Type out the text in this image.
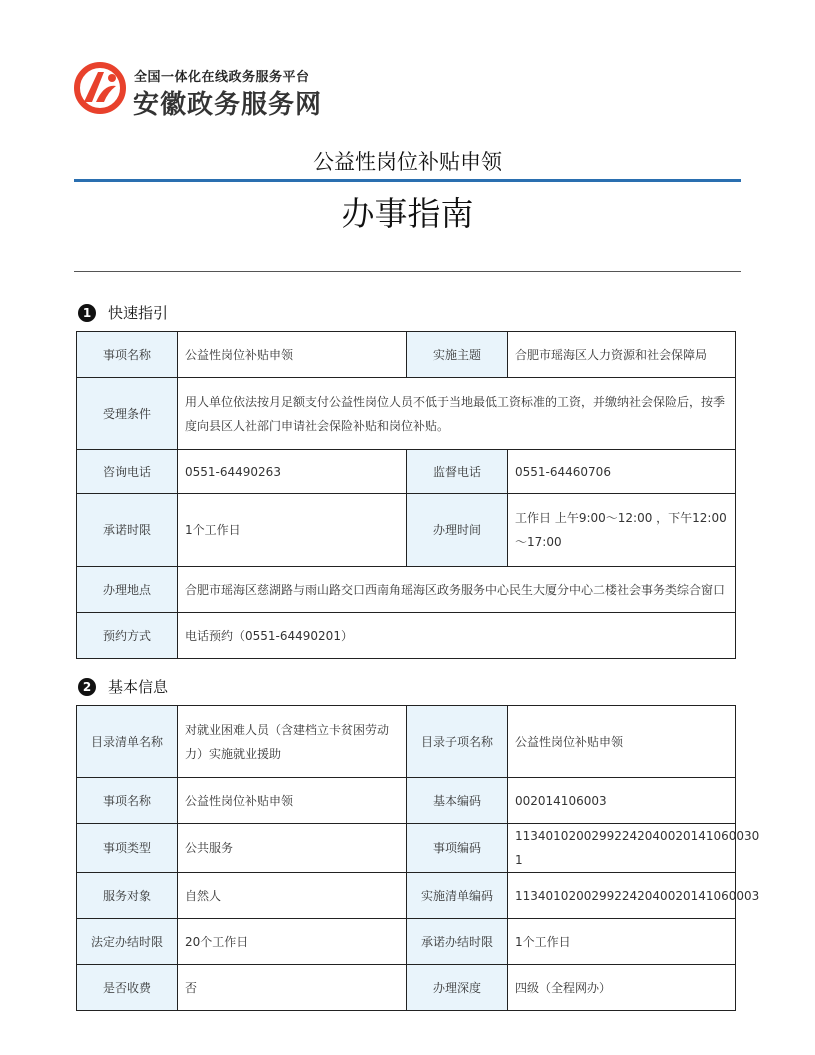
全国一体化在线政务服务平台
安徽政务服务网
公益性岗位补贴申领
办事指南
1	快速指引
事项名称	公益性岗位补贴申领	实施主题	合肥市瑶海区人力资源和社会保障局
受理条件	用人单位依法按月足额支付公益性岗位人员不低于当地最低工资标准的工资，并缴纳社会保险后，按季度向县区人社部门申请社会保险补贴和岗位补贴。		
咨询电话	0551-64490263	监督电话	0551-64460706
承诺时限	1个工作日	办理时间	工作日 上午9:00～12:00 ，下午12:00～17:00
办理地点	合肥市瑶海区慈湖路与雨山路交口西南角瑶海区政务服务中心民生大厦分中心二楼社会事务类综合窗口		
预约方式	电话预约（0551-64490201）		
2	基本信息
目录清单名称	对就业困难人员（含建档立卡贫困劳动力）实施就业援助	目录子项名称	公益性岗位补贴申领
事项名称	公益性岗位补贴申领	基本编码	002014106003
事项类型	公共服务	事项编码	11340102002992242040020141060030 1
服务对象	自然人	实施清单编码	11340102002992242040020141060003
法定办结时限	20个工作日	承诺办结时限	1个工作日
是否收费	否	办理深度	四级（全程网办）
